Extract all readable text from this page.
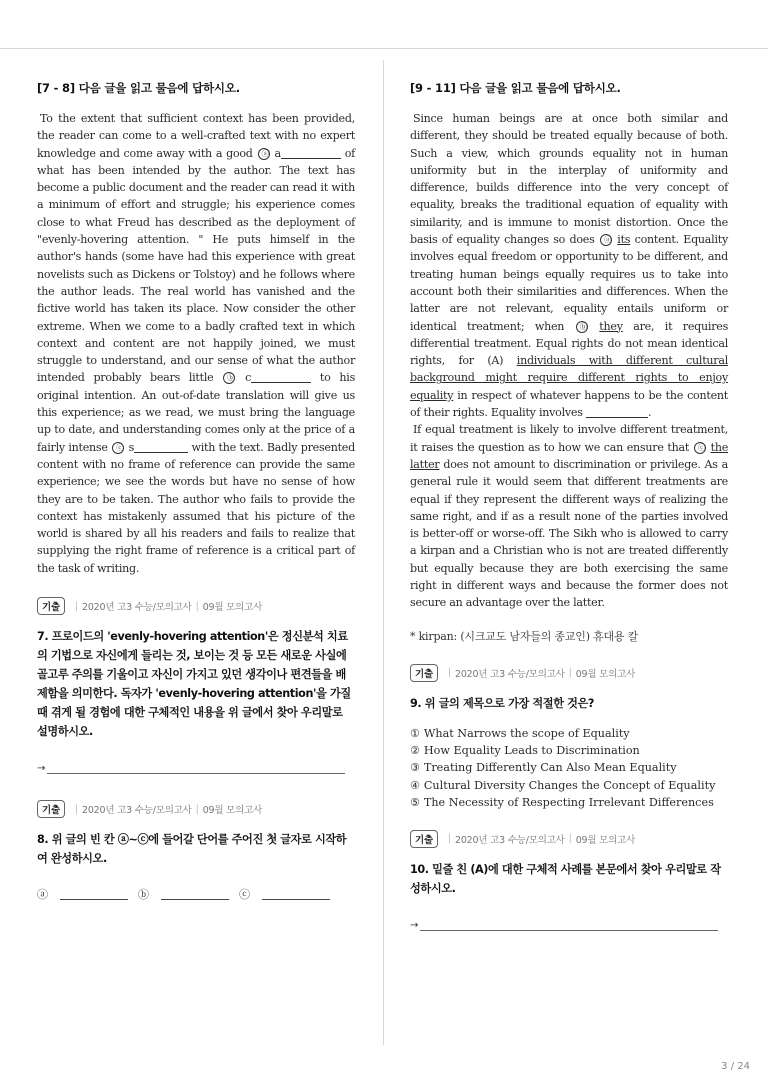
[7 - 8] 다음 글을 읽고 물음에 답하시오.

To the extent that sufficient context has been provided, the reader can come to a well-crafted text with no expert knowledge and come away with a good ⓐ a	of what has been intended by the author. The text has become a public document and the reader can read it with a minimum of effort and struggle; his experience comes close to what Freud has described as the deployment of "evenly-hovering attention. " He puts himself in the author's hands (some have had this experience with great novelists such as Dickens or Tolstoy) and he follows where the author leads. The real world has vanished and the fictive world has taken its place. Now consider the other extreme. When we come to a badly crafted text in which context and content are not happily joined, we must struggle to understand, and our sense of what the author intended probably bears little ⓑ c	to his original intention. An out-of-date translation will give us this experience; as we read, we must bring the language up to date, and understanding comes only at the price of a fairly intense ⓒ s	with the text. Badly presented content with no frame of reference can provide the same experience; we see the words but have no sense of how they are to be taken. The author who fails to provide the context has mistakenly assumed that his picture of the world is shared by all his readers and fails to realize that supplying the right frame of reference is a critical part of the task of writing.

기출	| 2020년 고3 수능/모의고사 | 09월 모의고사
7. 프로이드의 'evenly-hovering attention'은 정신분석 치료의 기법으로 자신에게 들리는 것, 보이는 것 등 모든 새로운 사실에 골고루 주의를 기울이고 자신이 가지고 있던 생각이나 편견들을 배제함을 의미한다. 독자가 'evenly-hovering attention'을 가질 때 겪게 될 경험에 대한 구체적인 내용을 위 글에서 찾아 우리말로 설명하시오.
→
기출	| 2020년 고3 수능/모의고사 | 09월 모의고사
8. 위 글의 빈 칸 ⓐ~ⓒ에 들어갈 단어를 주어진 첫 글자로 시작하여 완성하시오.
ⓐ	ⓑ	ⓒ
[9 - 11] 다음 글을 읽고 물음에 답하시오.

Since human beings are at once both similar and different, they should be treated equally because of both. Such a view, which grounds equality not in human uniformity but in the interplay of uniformity and difference, builds difference into the very concept of equality, breaks the traditional equation of equality with similarity, and is immune to monist distortion. Once the basis of equality changes so does ⓐ its content. Equality involves equal freedom or opportunity to be different, and treating human beings equally requires us to take into account both their similarities and differences. When the latter are not relevant, equality entails uniform or identical treatment; when ⓑ they are, it requires differential treatment. Equal rights do not mean identical rights, for (A) individuals with different cultural background might require different rights to enjoy equality in respect of whatever happens to be the content of their rights. Equality involves	.

If equal treatment is likely to involve different treatment, it raises the question as to how we can ensure that ⓒ the latter does not amount to discrimination or privilege. As a general rule it would seem that different treatments are equal if they represent the different ways of realizing the same right, and if as a result none of the parties involved is better-off or worse-off. The Sikh who is allowed to carry a kirpan and a Christian who is not are treated differently but equally because they are both exercising the same right in different ways and because the former does not secure an advantage over the latter.

* kirpan: (시크교도 남자들의 종교인) 휴대용 칼
기출	| 2020년 고3 수능/모의고사 | 09월 모의고사
9. 위 글의 제목으로 가장 적절한 것은?
① What Narrows the scope of Equality
② How Equality Leads to Discrimination
③ Treating Differently Can Also Mean Equality
④ Cultural Diversity Changes the Concept of Equality
⑤ The Necessity of Respecting Irrelevant Differences
기출	| 2020년 고3 수능/모의고사 | 09월 모의고사
10. 밑줄 친 (A)에 대한 구체적 사례를 본문에서 찾아 우리말로 작성하시오.
→
3 / 24
